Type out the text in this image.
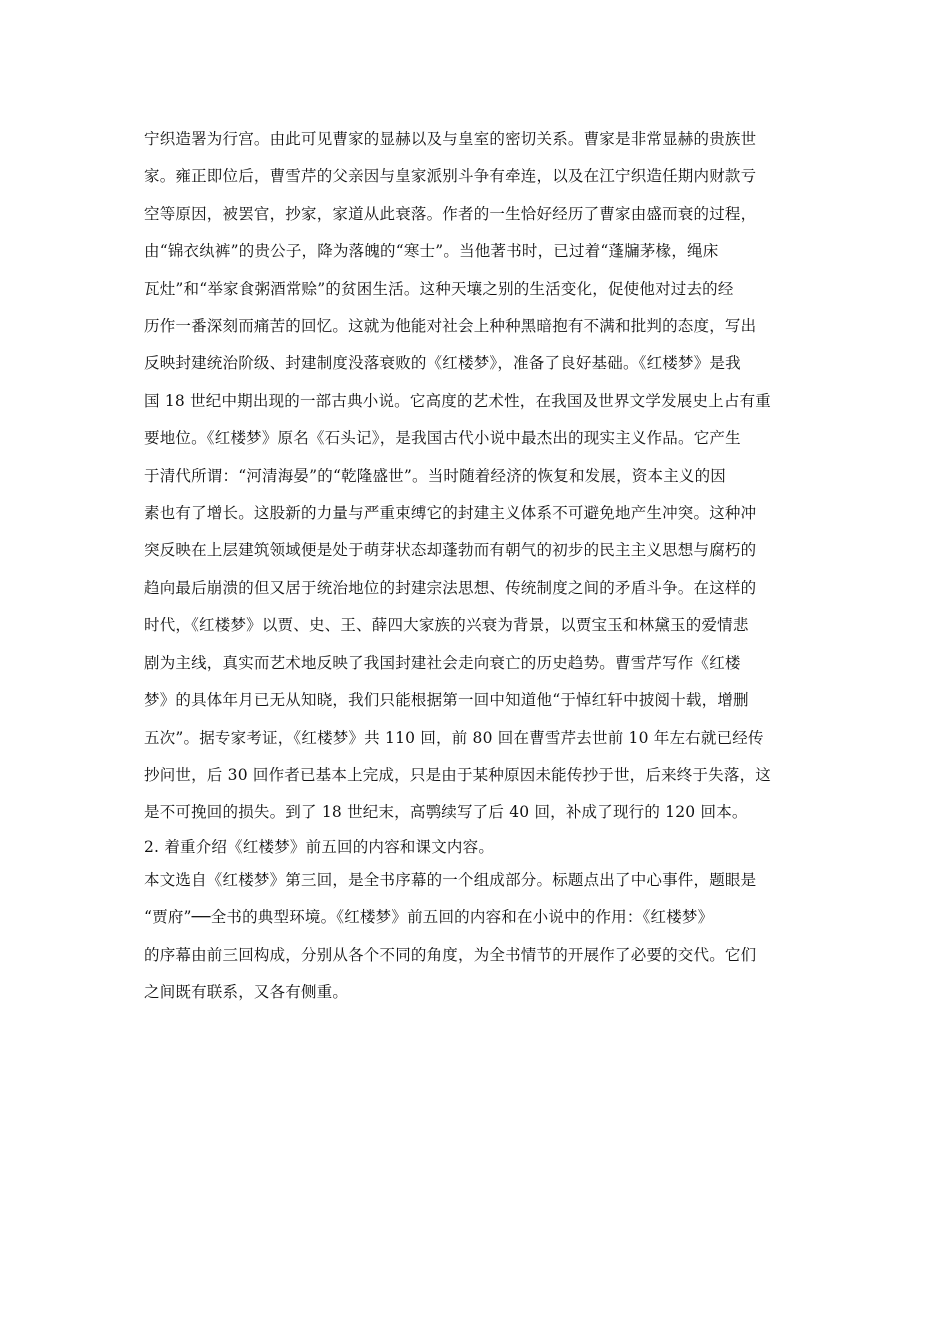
宁织造署为行宫。由此可见曹家的显赫以及与皇室的密切关系。曹家是非常显赫的贵族世
家。雍正即位后，曹雪芹的父亲因与皇家派别斗争有牵连，以及在江宁织造任期内财款亏
空等原因，被罢官，抄家，家道从此衰落。作者的一生恰好经历了曹家由盛而衰的过程，
由“锦衣纨裤”的贵公子，降为落魄的“寒士”。当他著书时，已过着“蓬牖茅椽，绳床
瓦灶”和“举家食粥酒常赊”的贫困生活。这种天壤之别的生活变化，促使他对过去的经
历作一番深刻而痛苦的回忆。这就为他能对社会上种种黑暗抱有不满和批判的态度，写出
反映封建统治阶级、封建制度没落衰败的《红楼梦》，准备了良好基础。《红楼梦》是我
国 18 世纪中期出现的一部古典小说。它高度的艺术性，在我国及世界文学发展史上占有重
要地位。《红楼梦》原名《石头记》，是我国古代小说中最杰出的现实主义作品。它产生
于清代所谓：“河清海晏”的“乾隆盛世”。当时随着经济的恢复和发展，资本主义的因
素也有了增长。这股新的力量与严重束缚它的封建主义体系不可避免地产生冲突。这种冲
突反映在上层建筑领域便是处于萌芽状态却蓬勃而有朝气的初步的民主主义思想与腐朽的
趋向最后崩溃的但又居于统治地位的封建宗法思想、传统制度之间的矛盾斗争。在这样的
时代，《红楼梦》以贾、史、王、薛四大家族的兴衰为背景，以贾宝玉和林黛玉的爱情悲
剧为主线，真实而艺术地反映了我国封建社会走向衰亡的历史趋势。曹雪芹写作《红楼
梦》的具体年月已无从知晓，我们只能根据第一回中知道他“于悼红轩中披阅十载，增删
五次”。据专家考证，《红楼梦》共 110 回，前 80 回在曹雪芹去世前 10 年左右就已经传
抄问世，后 30 回作者已基本上完成，只是由于某种原因未能传抄于世，后来终于失落，这
是不可挽回的损失。到了 18 世纪末，高鹗续写了后 40 回，补成了现行的 120 回本。
2. 着重介绍《红楼梦》前五回的内容和课文内容。
本文选自《红楼梦》第三回，是全书序幕的一个组成部分。标题点出了中心事件，题眼是
“贾府”──全书的典型环境。《红楼梦》前五回的内容和在小说中的作用：《红楼梦》
的序幕由前三回构成，分别从各个不同的角度，为全书情节的开展作了必要的交代。它们
之间既有联系，又各有侧重。
